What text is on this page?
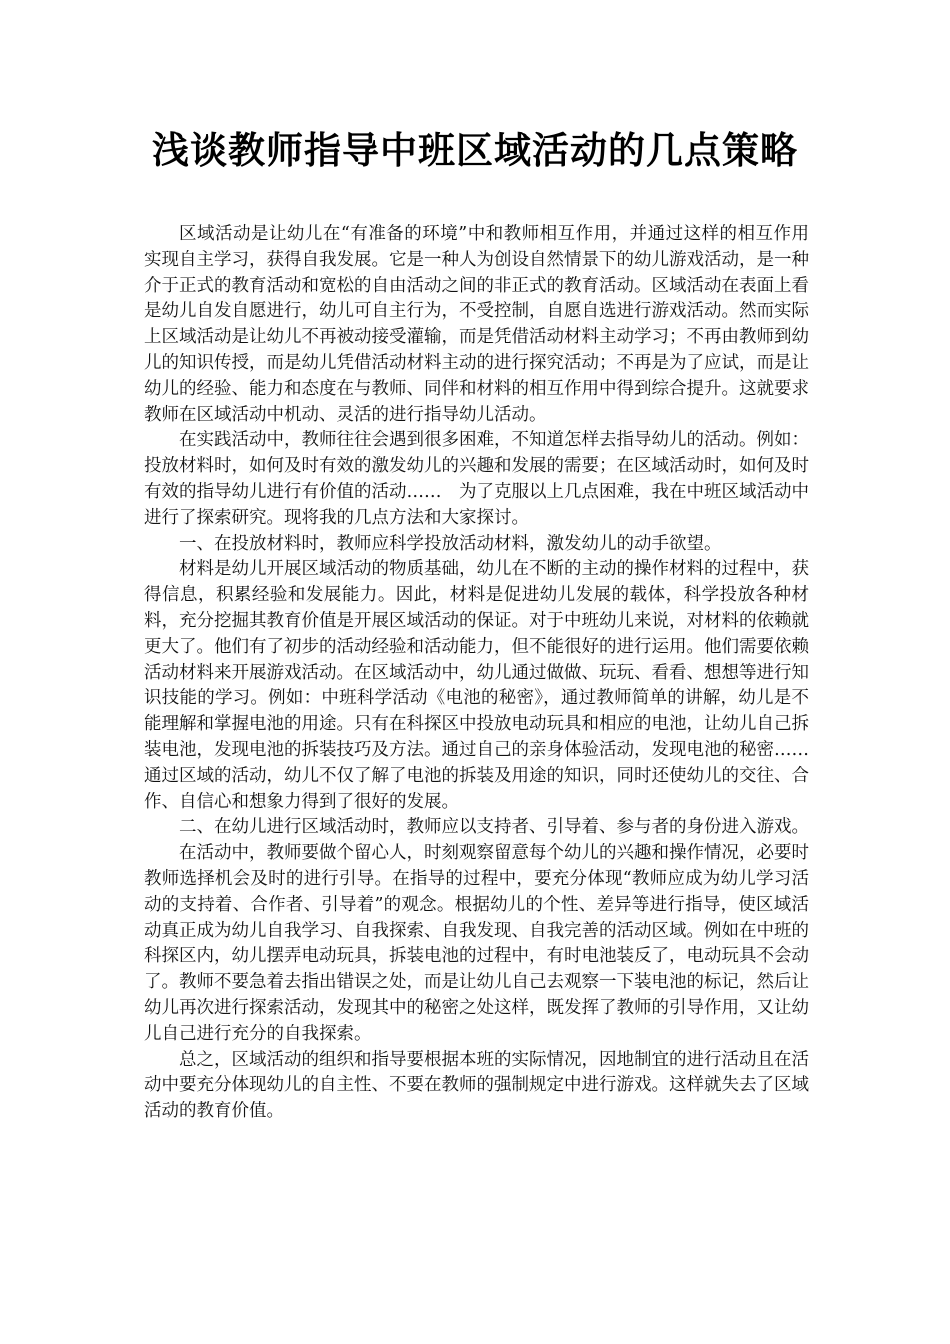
浅谈教师指导中班区域活动的几点策略

区域活动是让幼儿在“有准备的环境”中和教师相互作用，并通过这样的相互作用实现自主学习，获得自我发展。它是一种人为创设自然情景下的幼儿游戏活动，是一种介于正式的教育活动和宽松的自由活动之间的非正式的教育活动。区域活动在表面上看是幼儿自发自愿进行，幼儿可自主行为，不受控制，自愿自选进行游戏活动。然而实际上区域活动是让幼儿不再被动接受灌输，而是凭借活动材料主动学习；不再由教师到幼儿的知识传授，而是幼儿凭借活动材料主动的进行探究活动；不再是为了应试，而是让幼儿的经验、能力和态度在与教师、同伴和材料的相互作用中得到综合提升。这就要求教师在区域活动中机动、灵活的进行指导幼儿活动。

在实践活动中，教师往往会遇到很多困难，不知道怎样去指导幼儿的活动。例如：投放材料时，如何及时有效的激发幼儿的兴趣和发展的需要；在区域活动时，如何及时有效的指导幼儿进行有价值的活动……　为了克服以上几点困难，我在中班区域活动中进行了探索研究。现将我的几点方法和大家探讨。

一、在投放材料时，教师应科学投放活动材料，激发幼儿的动手欲望。

材料是幼儿开展区域活动的物质基础，幼儿在不断的主动的操作材料的过程中，获得信息，积累经验和发展能力。因此，材料是促进幼儿发展的载体，科学投放各种材料，充分挖掘其教育价值是开展区域活动的保证。对于中班幼儿来说，对材料的依赖就更大了。他们有了初步的活动经验和活动能力，但不能很好的进行运用。他们需要依赖活动材料来开展游戏活动。在区域活动中，幼儿通过做做、玩玩、看看、想想等进行知识技能的学习。例如：中班科学活动《电池的秘密》，通过教师简单的讲解，幼儿是不能理解和掌握电池的用途。只有在科探区中投放电动玩具和相应的电池，让幼儿自己拆装电池，发现电池的拆装技巧及方法。通过自己的亲身体验活动，发现电池的秘密……通过区域的活动，幼儿不仅了解了电池的拆装及用途的知识，同时还使幼儿的交往、合作、自信心和想象力得到了很好的发展。

二、在幼儿进行区域活动时，教师应以支持者、引导着、参与者的身份进入游戏。

在活动中，教师要做个留心人，时刻观察留意每个幼儿的兴趣和操作情况，必要时教师选择机会及时的进行引导。在指导的过程中，要充分体现“教师应成为幼儿学习活动的支持着、合作者、引导着”的观念。根据幼儿的个性、差异等进行指导，使区域活动真正成为幼儿自我学习、自我探索、自我发现、自我完善的活动区域。例如在中班的科探区内，幼儿摆弄电动玩具，拆装电池的过程中，有时电池装反了，电动玩具不会动了。教师不要急着去指出错误之处，而是让幼儿自己去观察一下装电池的标记，然后让幼儿再次进行探索活动，发现其中的秘密之处这样，既发挥了教师的引导作用，又让幼儿自己进行充分的自我探索。

总之，区域活动的组织和指导要根据本班的实际情况，因地制宜的进行活动且在活动中要充分体现幼儿的自主性、不要在教师的强制规定中进行游戏。这样就失去了区域活动的教育价值。
